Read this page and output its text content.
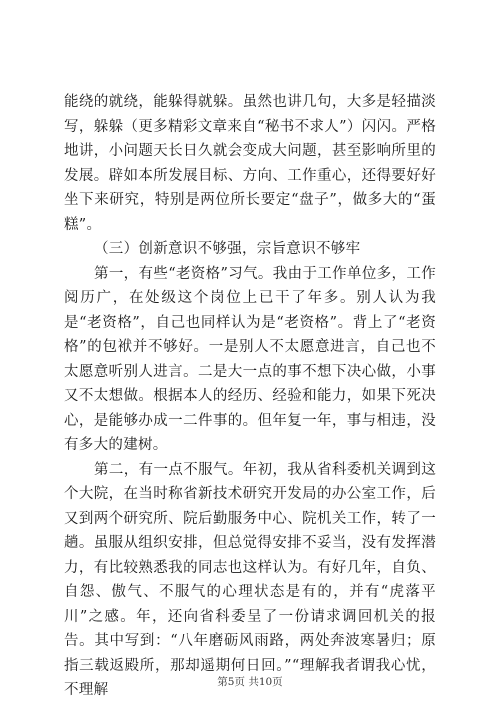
能绕的就绕，能躲得就躲。虽然也讲几句，大多是轻描淡写，躲躲（更多精彩文章来自“秘书不求人”）闪闪。严格地讲，小问题天长日久就会变成大问题，甚至影响所里的发展。辟如本所发展目标、方向、工作重心，还得要好好坐下来研究，特别是两位所长要定“盘子”，做多大的“蛋糕”。

（三）创新意识不够强，宗旨意识不够牢

第一，有些“老资格”习气。我由于工作单位多，工作阅历广，在处级这个岗位上已干了年多。别人认为我是“老资格”，自己也同样认为是“老资格”。背上了“老资格”的包袱并不够好。一是别人不太愿意进言，自己也不太愿意听别人进言。二是大一点的事不想下决心做，小事又不太想做。根据本人的经历、经验和能力，如果下死决心，是能够办成一二件事的。但年复一年，事与相违，没有多大的建树。

第二，有一点不服气。年初，我从省科委机关调到这个大院，在当时称省新技术研究开发局的办公室工作，后又到两个研究所、院后勤服务中心、院机关工作，转了一趟。虽服从组织安排，但总觉得安排不妥当，没有发挥潜力，有比较熟悉我的同志也这样认为。有好几年，自负、自怨、傲气、不服气的心理状态是有的，并有“虎落平川”之感。年，还向省科委呈了一份请求调回机关的报告。其中写到：“八年磨砺风雨路，两处奔波寒暑归；原指三载返殿所，那却遥期何日回。”“理解我者谓我心忧，不理解	第5页 共10页
